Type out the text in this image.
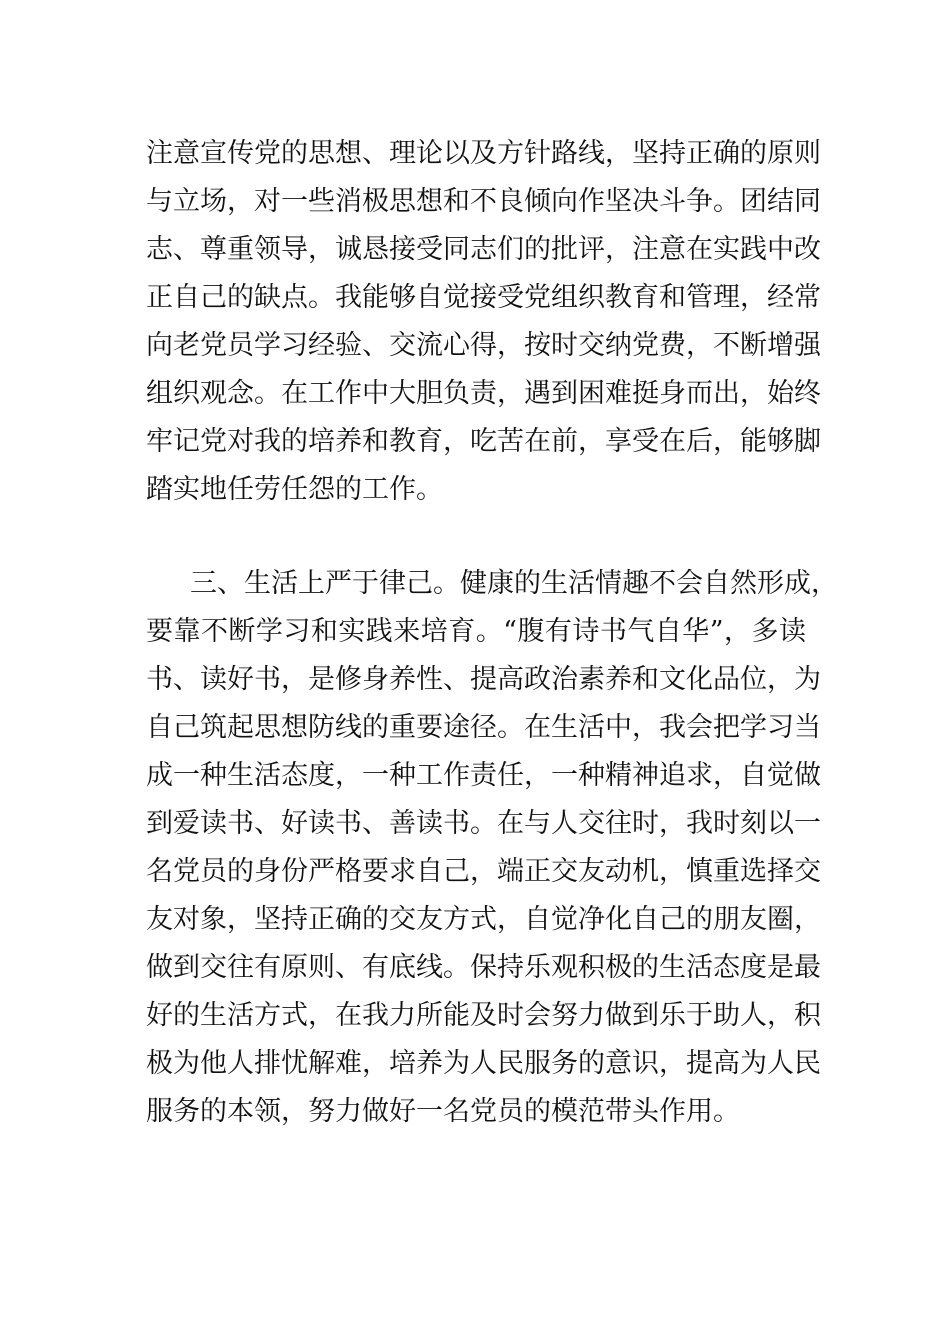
注意宣传党的思想、理论以及方针路线，坚持正确的原则

与立场，对一些消极思想和不良倾向作坚决斗争。团结同

志、尊重领导，诚恳接受同志们的批评，注意在实践中改

正自己的缺点。我能够自觉接受党组织教育和管理，经常

向老党员学习经验、交流心得，按时交纳党费，不断增强

组织观念。在工作中大胆负责，遇到困难挺身而出，始终

牢记党对我的培养和教育，吃苦在前，享受在后，能够脚

踏实地任劳任怨的工作。

三、生活上严于律己。健康的生活情趣不会自然形成，

要靠不断学习和实践来培育。“腹有诗书气自华”，多读

书、读好书，是修身养性、提高政治素养和文化品位，为

自己筑起思想防线的重要途径。在生活中，我会把学习当

成一种生活态度，一种工作责任，一种精神追求，自觉做

到爱读书、好读书、善读书。在与人交往时，我时刻以一

名党员的身份严格要求自己，端正交友动机，慎重选择交

友对象，坚持正确的交友方式，自觉净化自己的朋友圈，

做到交往有原则、有底线。保持乐观积极的生活态度是最

好的生活方式，在我力所能及时会努力做到乐于助人，积

极为他人排忧解难，培养为人民服务的意识，提高为人民

服务的本领，努力做好一名党员的模范带头作用。
